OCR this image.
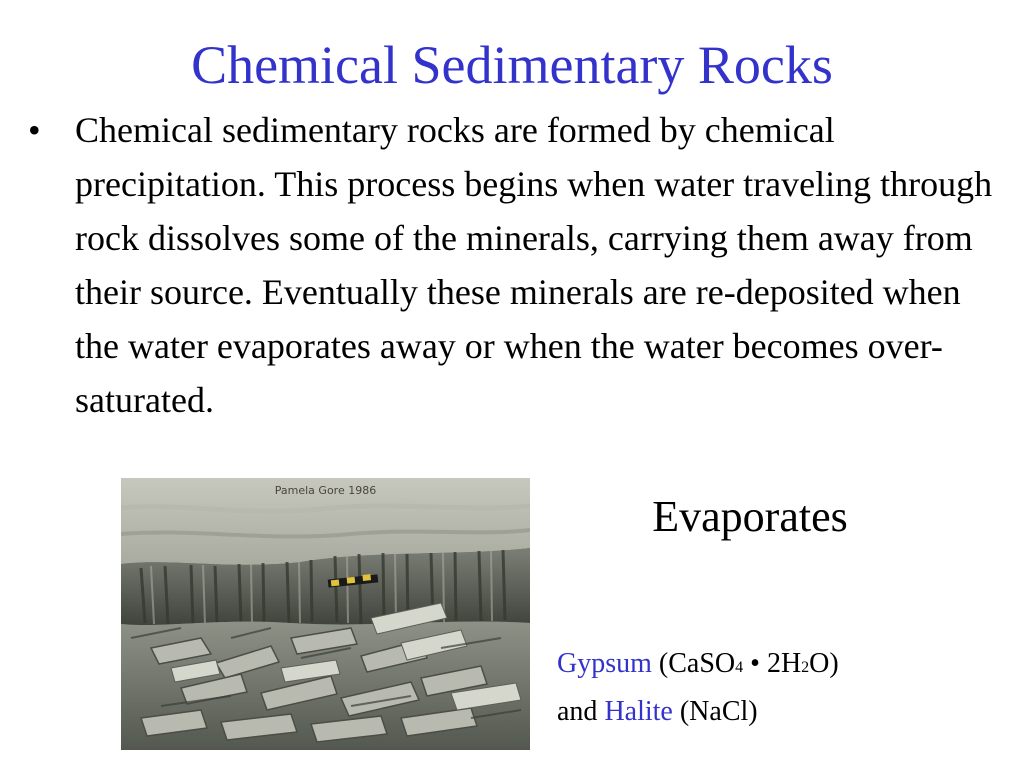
Chemical Sedimentary Rocks
• Chemical sedimentary rocks are formed by chemical precipitation. This process begins when water traveling through rock dissolves some of the minerals, carrying them away from their source. Eventually these minerals are re-deposited when the water evaporates away or when the water becomes over-saturated.
Pamela Gore 1986
Evaporates
Gypsum (CaSO4 • 2H2O)
and Halite (NaCl)
